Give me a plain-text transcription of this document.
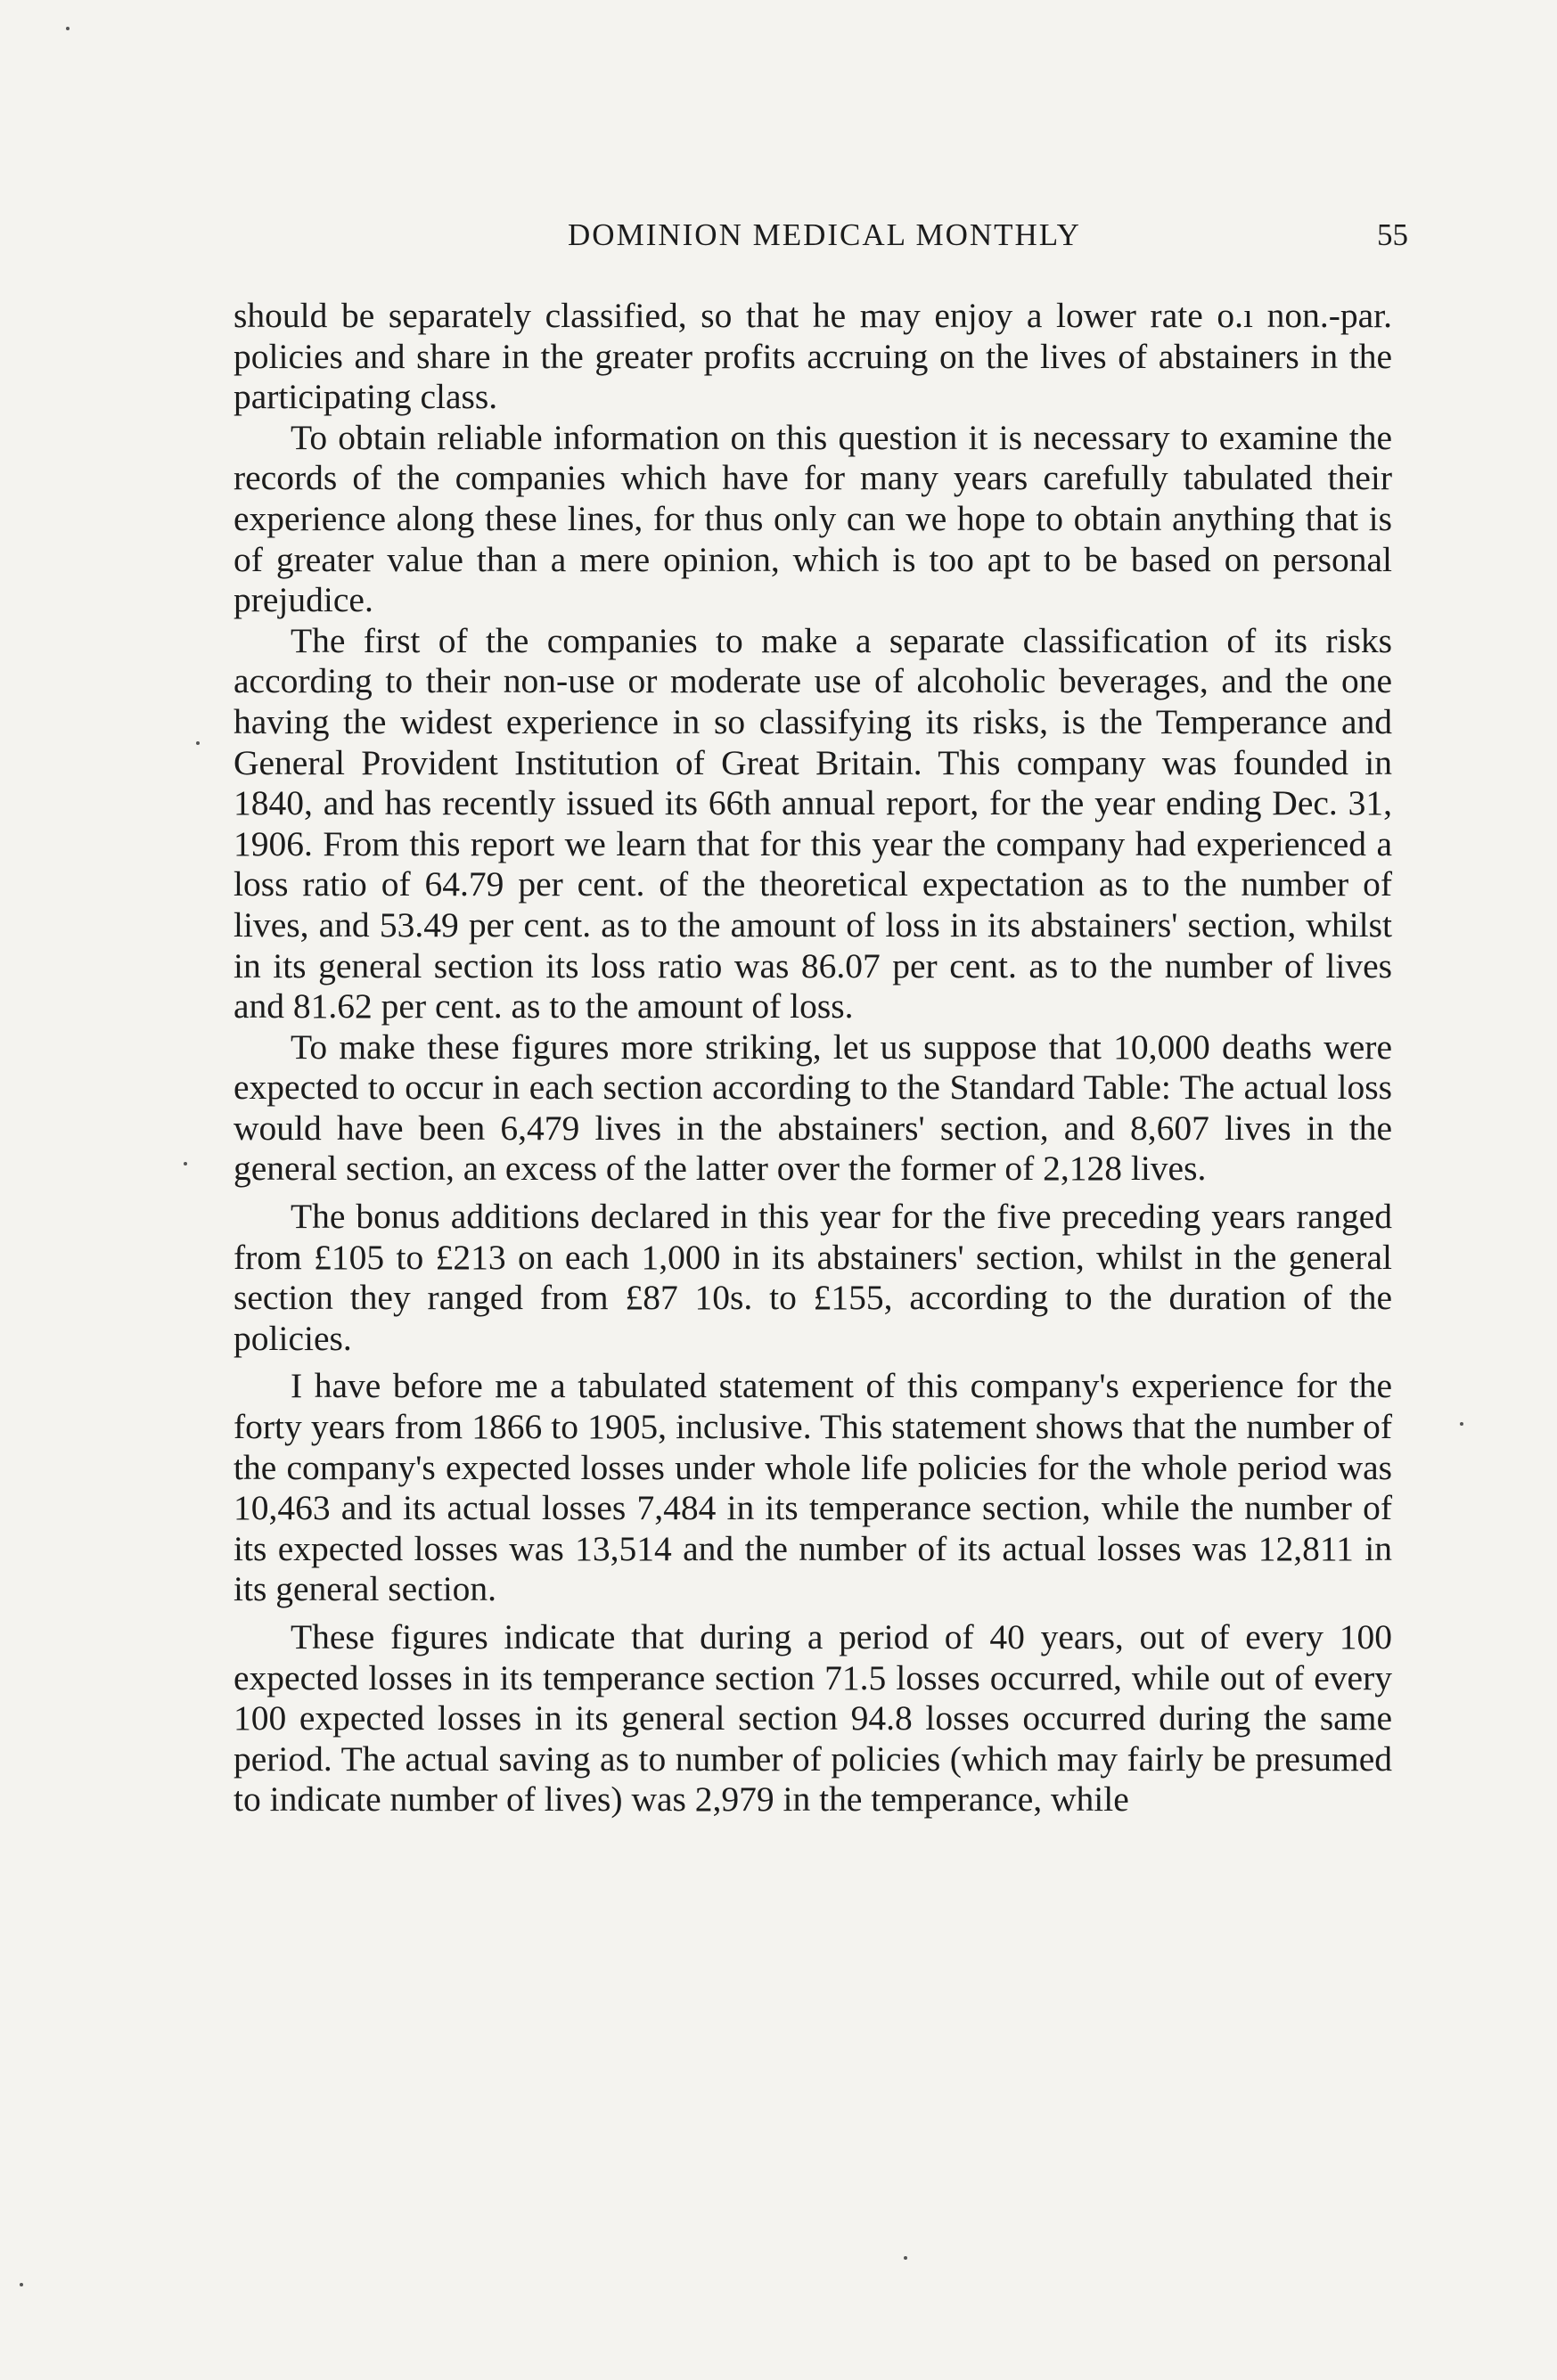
DOMINION MEDICAL MONTHLY	55

should be separately classified, so that he may enjoy a lower rate o.ı non.-par. policies and share in the greater profits accruing on the lives of abstainers in the participating class.

To obtain reliable information on this question it is necessary to examine the records of the companies which have for many years carefully tabulated their experience along these lines, for thus only can we hope to obtain anything that is of greater value than a mere opinion, which is too apt to be based on personal prejudice.

The first of the companies to make a separate classification of its risks according to their non-use or moderate use of alcoholic beverages, and the one having the widest experience in so classifying its risks, is the Temperance and General Provident Institution of Great Britain. This company was founded in 1840, and has recently issued its 66th annual report, for the year ending Dec. 31, 1906. From this report we learn that for this year the company had experienced a loss ratio of 64.79 per cent. of the theoretical expectation as to the number of lives, and 53.49 per cent. as to the amount of loss in its abstainers' section, whilst in its general section its loss ratio was 86.07 per cent. as to the number of lives and 81.62 per cent. as to the amount of loss.

To make these figures more striking, let us suppose that 10,000 deaths were expected to occur in each section according to the Standard Table: The actual loss would have been 6,479 lives in the abstainers' section, and 8,607 lives in the general section, an excess of the latter over the former of 2,128 lives.

The bonus additions declared in this year for the five preceding years ranged from £105 to £213 on each 1,000 in its abstainers' section, whilst in the general section they ranged from £87 10s. to £155, according to the duration of the policies.

I have before me a tabulated statement of this company's experience for the forty years from 1866 to 1905, inclusive. This statement shows that the number of the company's expected losses under whole life policies for the whole period was 10,463 and its actual losses 7,484 in its temperance section, while the number of its expected losses was 13,514 and the number of its actual losses was 12,811 in its general section.

These figures indicate that during a period of 40 years, out of every 100 expected losses in its temperance section 71.5 losses occurred, while out of every 100 expected losses in its general section 94.8 losses occurred during the same period. The actual saving as to number of policies (which may fairly be presumed to indicate number of lives) was 2,979 in the temperance, while
